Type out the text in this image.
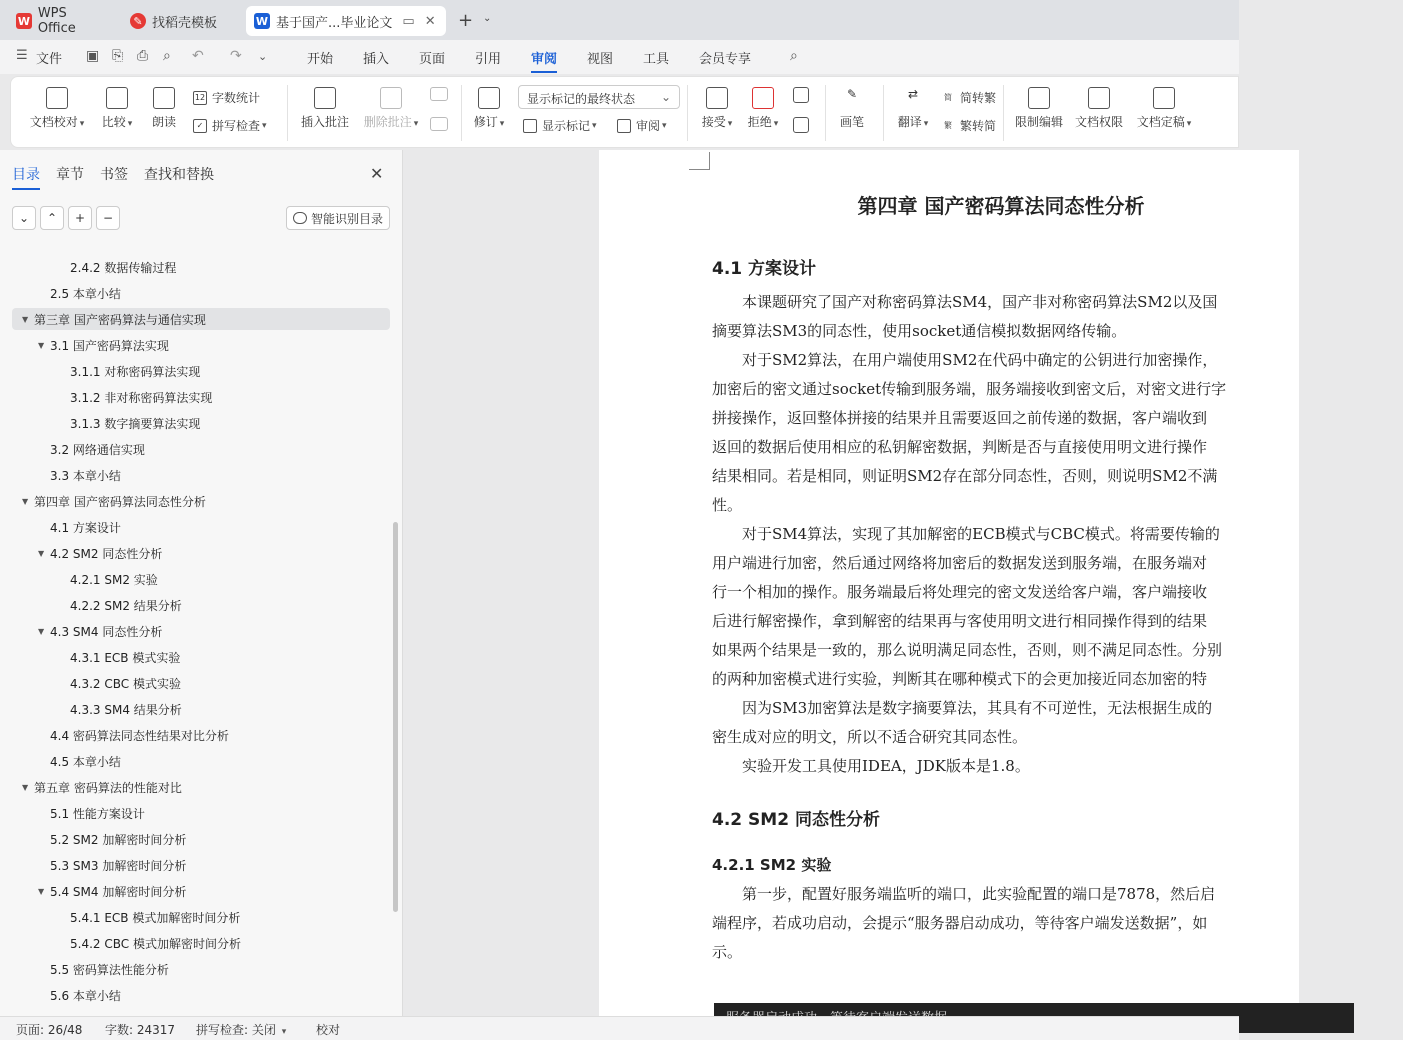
W WPS Office	✎ 找稻壳模板	W 基于国产...毕业论文 ▭ ✕ + ⌄
☰ 文件 ▣ ⎘ ⎙ ⌕ ↶ ↷ ⌄	开始 插入 页面 引用 审阅 视图 工具 会员专享	⌕
文档校对 ▾	比较 ▾	朗读
12 字数统计
✓ 拼写检查 ▾	插入批注 删除批注 ▾	修订 ▾
显示标记的最终状态 ⌄
显示标记 ▾	审阅 ▾	接受 ▾ 拒绝 ▾
✎
画笔
⇄
翻译 ▾
简 简转繁
繁 繁转简 限制编辑 文档权限	文档定稿 ▾
目录 章节 书签 查找和替换	✕
⌄ ⌃ + −	智能识别目录
2.4.2 数据传输过程
2.5 本章小结
▼ 第三章 国产密码算法与通信实现
▼ 3.1 国产密码算法实现
3.1.1 对称密码算法实现
3.1.2 非对称密码算法实现
3.1.3 数字摘要算法实现
3.2 网络通信实现
3.3 本章小结
▼ 第四章 国产密码算法同态性分析
4.1 方案设计
▼ 4.2 SM2 同态性分析
4.2.1 SM2 实验
4.2.2 SM2 结果分析
▼ 4.3 SM4 同态性分析
4.3.1 ECB 模式实验
4.3.2 CBC 模式实验
4.3.3 SM4 结果分析
4.4 密码算法同态性结果对比分析
4.5 本章小结
▼ 第五章 密码算法的性能对比
5.1 性能方案设计
5.2 SM2 加解密时间分析
5.3 SM3 加解密时间分析
▼ 5.4 SM4 加解密时间分析
5.4.1 ECB 模式加解密时间分析
5.4.2 CBC 模式加解密时间分析
5.5 密码算法性能分析
5.6 本章小结
第四章 国产密码算法同态性分析
4.1 方案设计
本课题研究了国产对称密码算法SM4，国产非对称密码算法SM2以及国
摘要算法SM3的同态性，使用socket通信模拟数据网络传输。
对于SM2算法，在用户端使用SM2在代码中确定的公钥进行加密操作，
加密后的密文通过socket传输到服务端，服务端接收到密文后，对密文进行字
拼接操作，返回整体拼接的结果并且需要返回之前传递的数据，客户端收到
返回的数据后使用相应的私钥解密数据，判断是否与直接使用明文进行操作
结果相同。若是相同，则证明SM2存在部分同态性，否则，则说明SM2不满
性。
对于SM4算法，实现了其加解密的ECB模式与CBC模式。将需要传输的
用户端进行加密，然后通过网络将加密后的数据发送到服务端，在服务端对
行一个相加的操作。服务端最后将处理完的密文发送给客户端，客户端接收
后进行解密操作，拿到解密的结果再与客使用明文进行相同操作得到的结果
如果两个结果是一致的，那么说明满足同态性，否则，则不满足同态性。分别
的两种加密模式进行实验，判断其在哪种模式下的会更加接近同态加密的特
因为SM3加密算法是数字摘要算法，其具有不可逆性，无法根据生成的
密生成对应的明文，所以不适合研究其同态性。
实验开发工具使用IDEA，JDK版本是1.8。
4.2 SM2 同态性分析
4.2.1 SM2 实验
第一步，配置好服务端监听的端口，此实验配置的端口是7878，然后启
端程序，若成功启动，会提示“服务器启动成功，等待客户端发送数据”，如
示。
页面: 26/48 字数: 24317 拼写检查: 关闭 ▾ 校对
